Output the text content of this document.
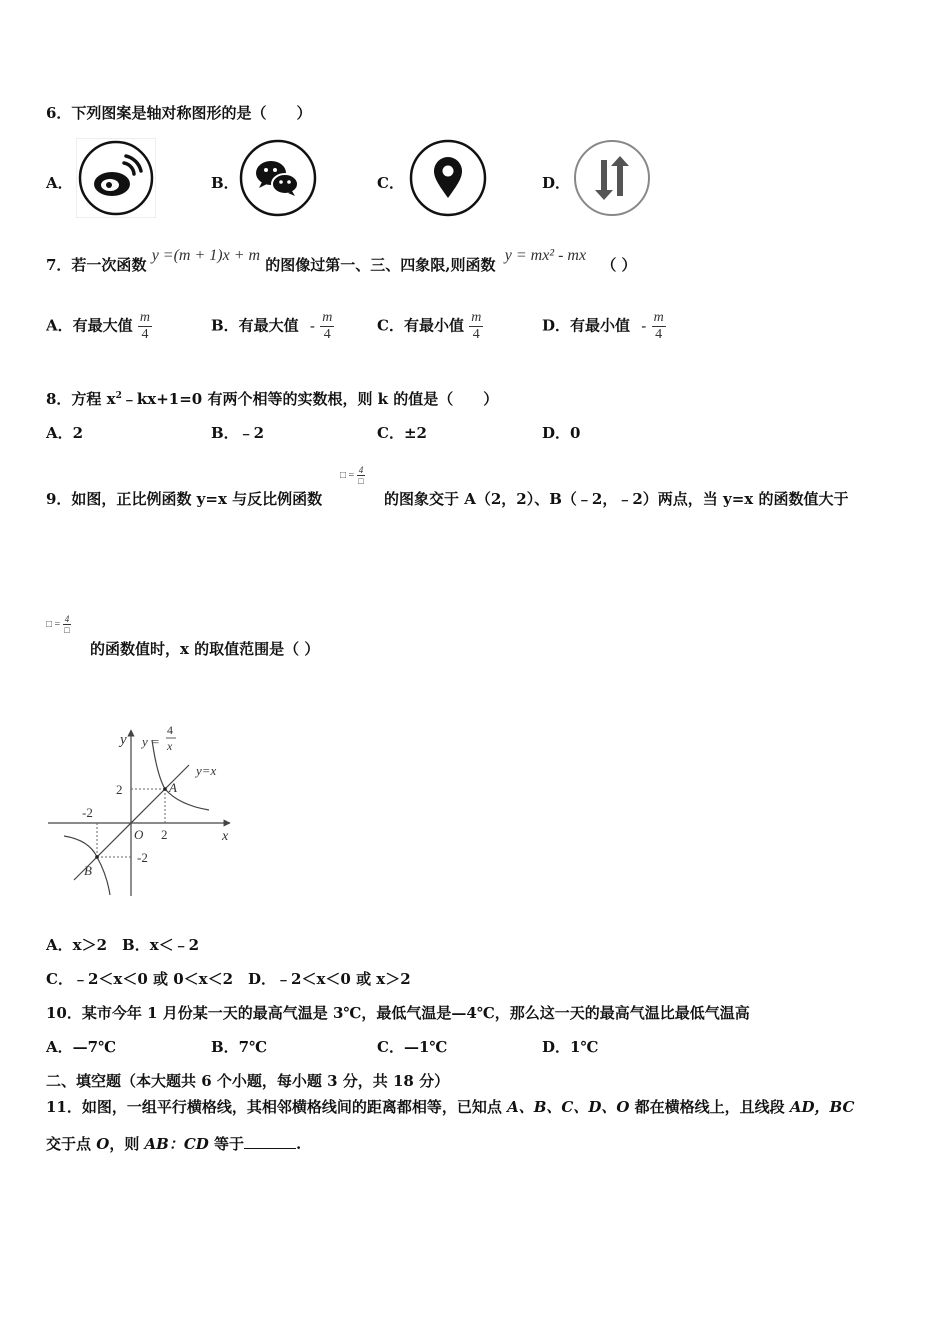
6．下列图案是轴对称图形的是（　　）
A．	B．	C．	D．
7．若一次函数 y =(m + 1)x + m 的图像过第一、三、四象限,则函数 y = mx² - mx （ ）
A．有最大值 $\frac{m}{4}$	B．有最大值 - $\frac{m}{4}$	C．有最小值 $\frac{m}{4}$	D．有最小值 - $\frac{m}{4}$
8．方程 $x^2﹣kx+1=0$ 有两个相等的实数根，则 k 的值是（　　）
A．2	B．﹣2	C．±2	D．0
9．如图，正比例函数 y=x 与反比例函数
□ = $\frac{4}{□}$
的图象交于 A（2，2）、B（﹣2，﹣2）两点，当 y=x 的函数值大于
□ = $\frac{4}{□}$
的函数值时，x 的取值范围是（ ）
y
x
O
y =
4
x
y=x
2
2
-2
-2
A
B
A．x＞2　B．x＜﹣2
C．﹣2＜x＜0 或 0＜x＜2　D．﹣2＜x＜0 或 x＞2
10．某市今年 1 月份某一天的最高气温是 3℃，最低气温是—4℃，那么这一天的最高气温比最低气温高
A．—7℃	B．7℃	C．—1℃	D．1℃
二、填空题（本大题共 6 个小题，每小题 3 分，共 18 分）
11．如图，一组平行横格线，其相邻横格线间的距离都相等，已知点 A、B、C、D、O 都在横格线上，且线段 AD，BC
交于点 O，则 AB：CD 等于	.
